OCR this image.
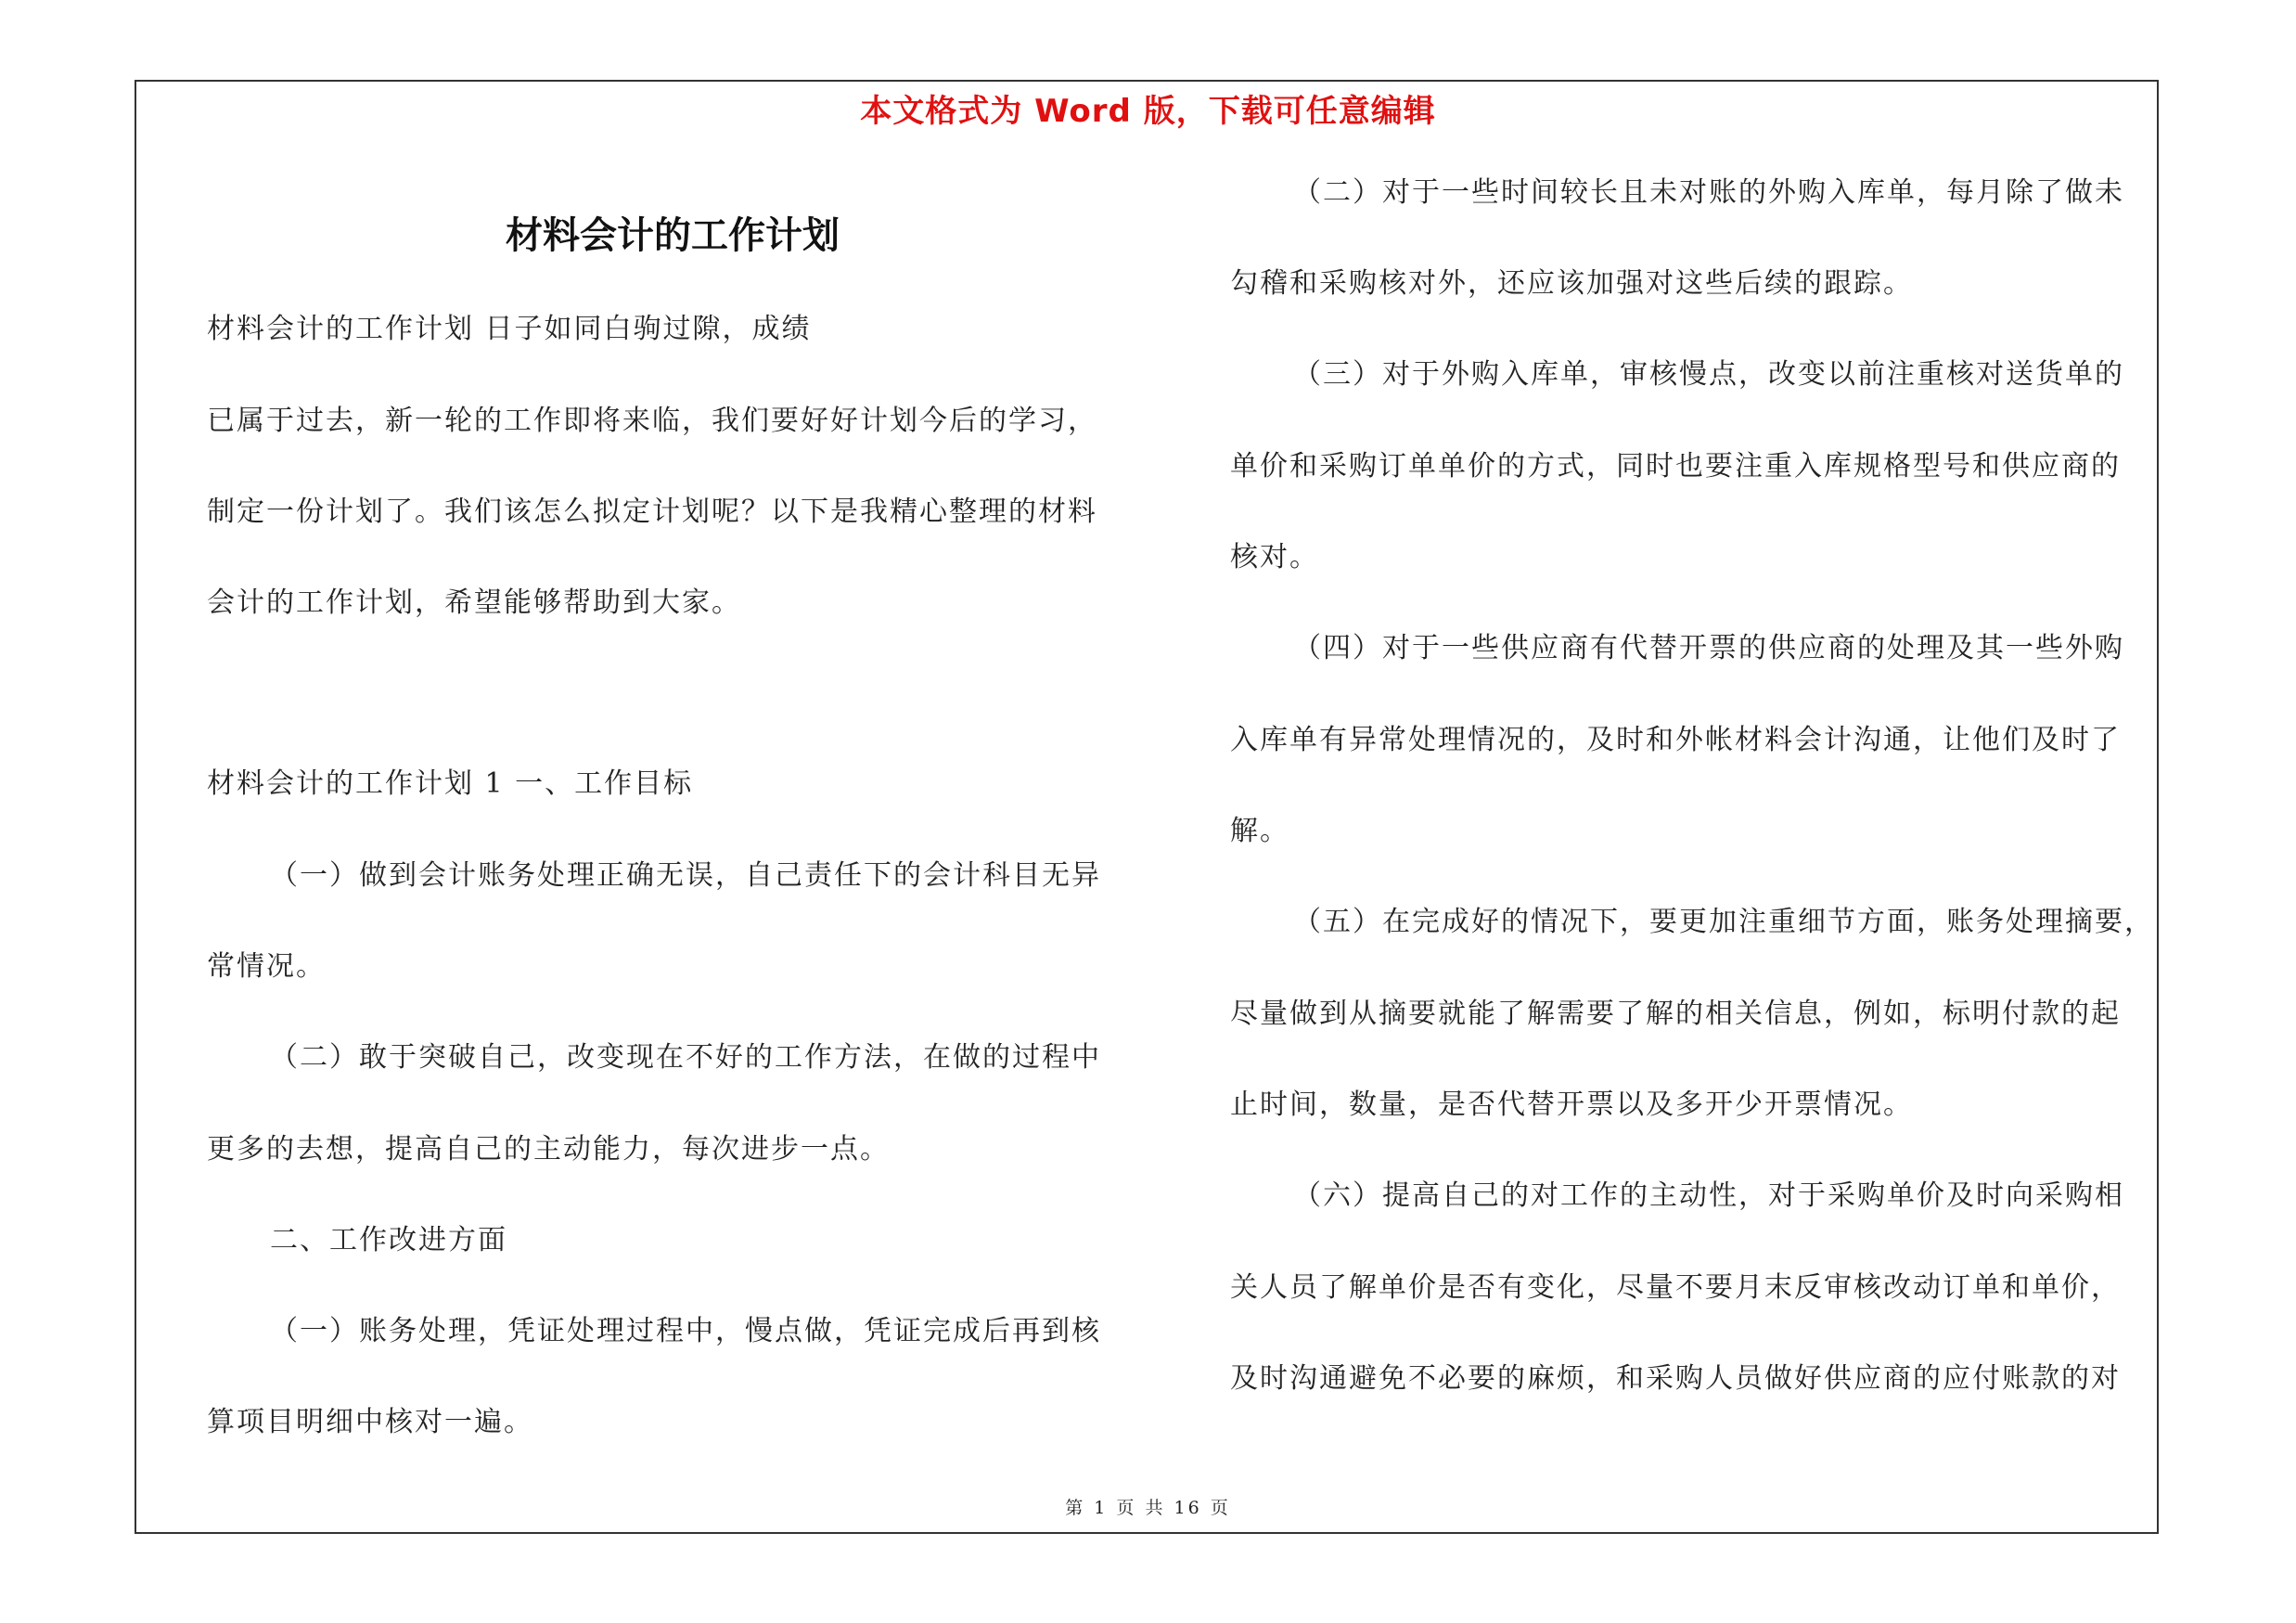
本文格式为 Word 版，下载可任意编辑
材料会计的工作计划
材料会计的工作计划 日子如同白驹过隙，成绩
已属于过去，新一轮的工作即将来临，我们要好好计划今后的学习，
制定一份计划了。我们该怎么拟定计划呢？以下是我精心整理的材料
会计的工作计划，希望能够帮助到大家。
材料会计的工作计划 1 一、工作目标
（一）做到会计账务处理正确无误，自己责任下的会计科目无异
常情况。
（二）敢于突破自己，改变现在不好的工作方法，在做的过程中
更多的去想，提高自己的主动能力，每次进步一点。
二、工作改进方面
（一）账务处理，凭证处理过程中，慢点做，凭证完成后再到核
算项目明细中核对一遍。
（二）对于一些时间较长且未对账的外购入库单，每月除了做未
勾稽和采购核对外，还应该加强对这些后续的跟踪。
（三）对于外购入库单，审核慢点，改变以前注重核对送货单的
单价和采购订单单价的方式，同时也要注重入库规格型号和供应商的
核对。
（四）对于一些供应商有代替开票的供应商的处理及其一些外购
入库单有异常处理情况的，及时和外帐材料会计沟通，让他们及时了
解。
（五）在完成好的情况下，要更加注重细节方面，账务处理摘要，
尽量做到从摘要就能了解需要了解的相关信息，例如，标明付款的起
止时间，数量，是否代替开票以及多开少开票情况。
（六）提高自己的对工作的主动性，对于采购单价及时向采购相
关人员了解单价是否有变化，尽量不要月末反审核改动订单和单价，
及时沟通避免不必要的麻烦，和采购人员做好供应商的应付账款的对
第 1 页 共 16 页
